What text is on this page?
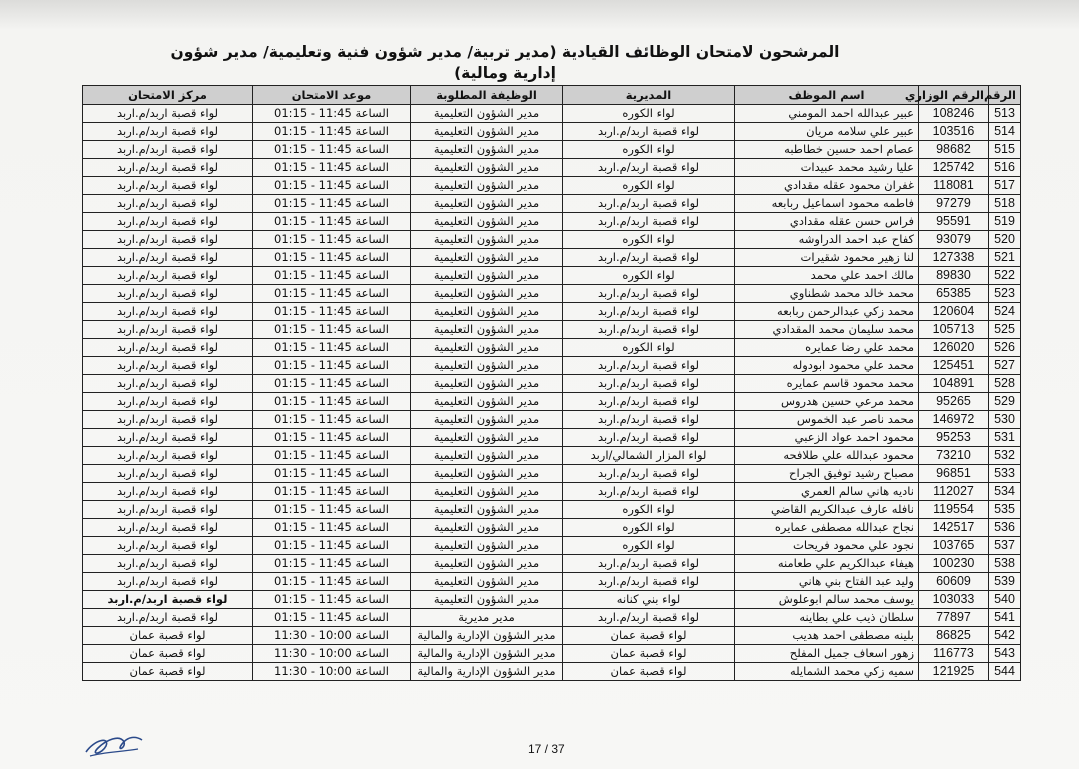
المرشحون لامتحان الوظائف القيادية (مدير تربية/ مدير شؤون فنية وتعليمية/ مدير شؤون إدارية ومالية)
الرقم	الرقم الوزاري	اسم الموظف	المديرية	الوظيفة المطلوبة	موعد الامتحان	مركز الامتحان
513	108246	عبير عبدالله احمد المومني	لواء الكوره	مدير الشؤون التعليمية	الساعة 11:45 - 01:15	لواء قصبة اربد/م.اربد
514	103516	عبير علي سلامه مريان	لواء قصبة اربد/م.اربد	مدير الشؤون التعليمية	الساعة 11:45 - 01:15	لواء قصبة اربد/م.اربد
515	98682	عصام احمد حسين خطاطبه	لواء الكوره	مدير الشؤون التعليمية	الساعة 11:45 - 01:15	لواء قصبة اربد/م.اربد
516	125742	عليا رشيد محمد عبيدات	لواء قصبة اربد/م.اربد	مدير الشؤون التعليمية	الساعة 11:45 - 01:15	لواء قصبة اربد/م.اربد
517	118081	غفران محمود عقله مقدادي	لواء الكوره	مدير الشؤون التعليمية	الساعة 11:45 - 01:15	لواء قصبة اربد/م.اربد
518	97279	فاطمه محمود اسماعيل ربابعه	لواء قصبة اربد/م.اربد	مدير الشؤون التعليمية	الساعة 11:45 - 01:15	لواء قصبة اربد/م.اربد
519	95591	فراس حسن عقله مقدادي	لواء قصبة اربد/م.اربد	مدير الشؤون التعليمية	الساعة 11:45 - 01:15	لواء قصبة اربد/م.اربد
520	93079	كفاح عبد احمد الدراوشه	لواء الكوره	مدير الشؤون التعليمية	الساعة 11:45 - 01:15	لواء قصبة اربد/م.اربد
521	127338	لنا زهير محمود شقيرات	لواء قصبة اربد/م.اربد	مدير الشؤون التعليمية	الساعة 11:45 - 01:15	لواء قصبة اربد/م.اربد
522	89830	مالك احمد علي محمد	لواء الكوره	مدير الشؤون التعليمية	الساعة 11:45 - 01:15	لواء قصبة اربد/م.اربد
523	65385	محمد خالد محمد شطناوي	لواء قصبة اربد/م.اربد	مدير الشؤون التعليمية	الساعة 11:45 - 01:15	لواء قصبة اربد/م.اربد
524	120604	محمد زكي عبدالرحمن ربابعه	لواء قصبة اربد/م.اربد	مدير الشؤون التعليمية	الساعة 11:45 - 01:15	لواء قصبة اربد/م.اربد
525	105713	محمد سليمان محمد المقدادي	لواء قصبة اربد/م.اربد	مدير الشؤون التعليمية	الساعة 11:45 - 01:15	لواء قصبة اربد/م.اربد
526	126020	محمد علي رضا عمايره	لواء الكوره	مدير الشؤون التعليمية	الساعة 11:45 - 01:15	لواء قصبة اربد/م.اربد
527	125451	محمد علي محمود ابودوله	لواء قصبة اربد/م.اربد	مدير الشؤون التعليمية	الساعة 11:45 - 01:15	لواء قصبة اربد/م.اربد
528	104891	محمد محمود قاسم عمايره	لواء قصبة اربد/م.اربد	مدير الشؤون التعليمية	الساعة 11:45 - 01:15	لواء قصبة اربد/م.اربد
529	95265	محمد مرعي حسين هدروس	لواء قصبة اربد/م.اربد	مدير الشؤون التعليمية	الساعة 11:45 - 01:15	لواء قصبة اربد/م.اربد
530	146972	محمد ناصر عبد الخموس	لواء قصبة اربد/م.اربد	مدير الشؤون التعليمية	الساعة 11:45 - 01:15	لواء قصبة اربد/م.اربد
531	95253	محمود احمد عواد الزعبي	لواء قصبة اربد/م.اربد	مدير الشؤون التعليمية	الساعة 11:45 - 01:15	لواء قصبة اربد/م.اربد
532	73210	محمود عبدالله علي طلافحه	لواء المزار الشمالي/اربد	مدير الشؤون التعليمية	الساعة 11:45 - 01:15	لواء قصبة اربد/م.اربد
533	96851	مصباح رشيد توفيق الجراح	لواء قصبة اربد/م.اربد	مدير الشؤون التعليمية	الساعة 11:45 - 01:15	لواء قصبة اربد/م.اربد
534	112027	ناديه هاني سالم العمري	لواء قصبة اربد/م.اربد	مدير الشؤون التعليمية	الساعة 11:45 - 01:15	لواء قصبة اربد/م.اربد
535	119554	نافله عارف عبدالكريم القاضي	لواء الكوره	مدير الشؤون التعليمية	الساعة 11:45 - 01:15	لواء قصبة اربد/م.اربد
536	142517	نجاح عبدالله مصطفى عمايره	لواء الكوره	مدير الشؤون التعليمية	الساعة 11:45 - 01:15	لواء قصبة اربد/م.اربد
537	103765	نجود علي محمود فريحات	لواء الكوره	مدير الشؤون التعليمية	الساعة 11:45 - 01:15	لواء قصبة اربد/م.اربد
538	100230	هيفاء عبدالكريم علي طعامنه	لواء قصبة اربد/م.اربد	مدير الشؤون التعليمية	الساعة 11:45 - 01:15	لواء قصبة اربد/م.اربد
539	60609	وليد عبد الفتاح بني هاني	لواء قصبة اربد/م.اربد	مدير الشؤون التعليمية	الساعة 11:45 - 01:15	لواء قصبة اربد/م.اربد
540	103033	يوسف محمد سالم ابوعلوش	لواء بني كنانه	مدير الشؤون التعليمية	الساعة 11:45 - 01:15	لواء قصبة اربد/م.اربد
541	77897	سلطان ذيب علي بطاينه	لواء قصبة اربد/م.اربد	مدير مديرية	الساعة 11:45 - 01:15	لواء قصبة اربد/م.اربد
542	86825	بلينه مصطفى احمد هديب	لواء قصبة عمان	مدير الشؤون الإدارية والمالية	الساعة 10:00 - 11:30	لواء قصبة عمان
543	116773	زهور اسعاف جميل المفلح	لواء قصبة عمان	مدير الشؤون الإدارية والمالية	الساعة 10:00 - 11:30	لواء قصبة عمان
544	121925	سميه زكي محمد الشمايله	لواء قصبة عمان	مدير الشؤون الإدارية والمالية	الساعة 10:00 - 11:30	لواء قصبة عمان
17 / 37
